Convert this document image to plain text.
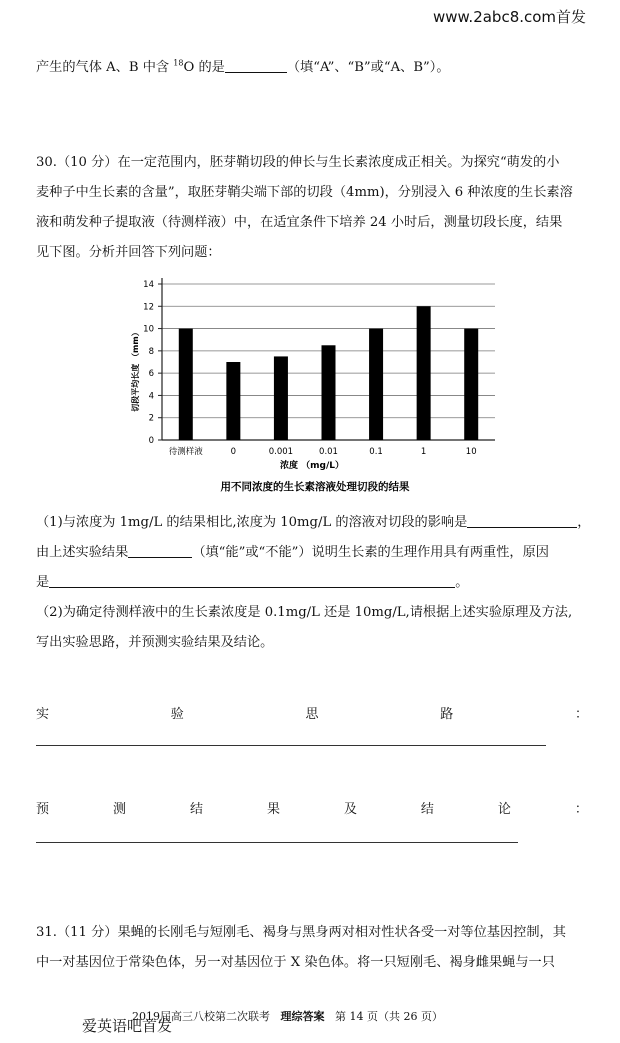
www.2abc8.com首发
产生的气体 A、B 中含 $^{18}$O 的是	（填“A”、“B”或“A、B”）。
30.（10 分）在一定范围内，胚芽鞘切段的伸长与生长素浓度成正相关。为探究“萌发的小
麦种子中生长素的含量”，取胚芽鞘尖端下部的切段（4mm)，分别浸入 6 种浓度的生长素溶
液和萌发种子提取液（待测样液）中，在适宜条件下培养 24 小时后，测量切段长度，结果
见下图。分析并回答下列问题：
0
2
4
6
8
10
12
14
待测样液	0	0.001	0.01	0.1	1	10
切段平均长度 （mm）
浓度 （mg/L）
用不同浓度的生长素溶液处理切段的结果
（1)与浓度为 1mg/L 的结果相比,浓度为 10mg/L 的溶液对切段的影响是	，
由上述实验结果	（填“能”或“不能”）说明生长素的生理作用具有两重性，原因
是	。
（2)为确定待测样液中的生长素浓度是 0.1mg/L 还是 10mg/L,请根据上述实验原理及方法,
写出实验思路，并预测实验结果及结论。
实	验	思	路	：
预	测	结	果	及	结	论	：
31.（11 分）果蝇的长刚毛与短刚毛、褐身与黑身两对相对性状各受一对等位基因控制，其
中一对基因位于常染色体，另一对基因位于 X 染色体。将一只短刚毛、褐身雌果蝇与一只
2019届高三八校第二次联考 理综答案 第 14 页（共 26 页）
爱英语吧首发
